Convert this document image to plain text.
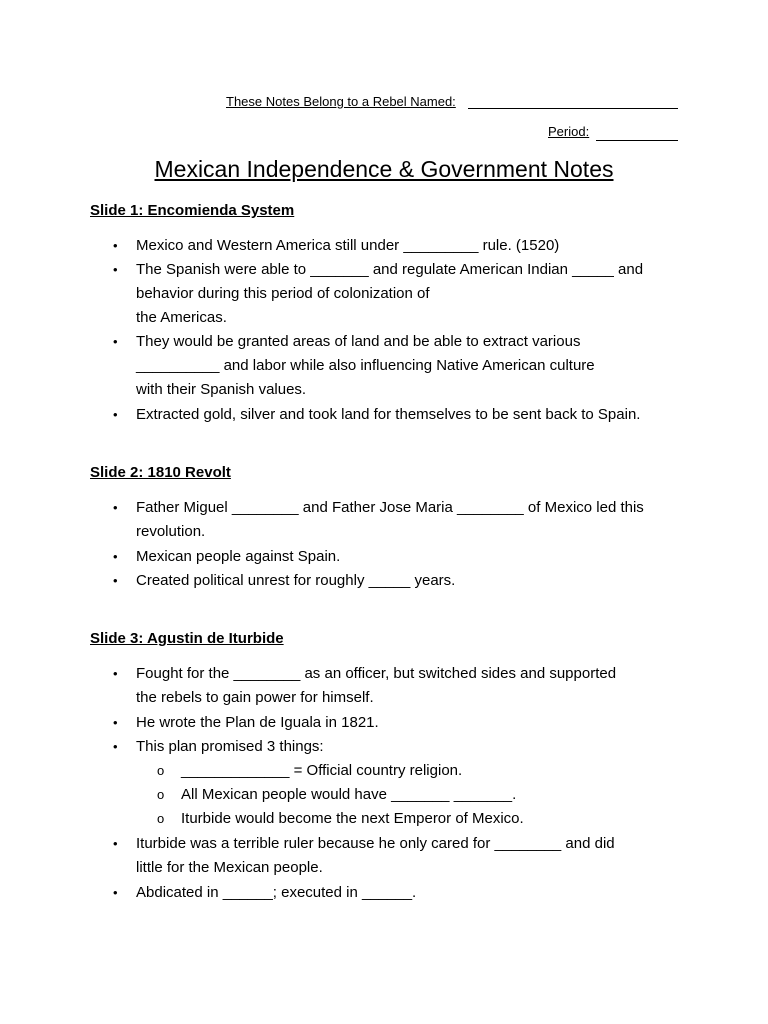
These Notes Belong to a Rebel Named:
Period:
Mexican Independence & Government Notes
Slide 1: Encomienda System
• Mexico and Western America still under _________ rule. (1520)
• The Spanish were able to _______ and regulate American Indian _____ and
behavior during this period of colonization of
the Americas.
• They would be granted areas of land and be able to extract various
__________ and labor while also influencing Native American culture
with their Spanish values.
• Extracted gold, silver and took land for themselves to be sent back to Spain.
Slide 2: 1810 Revolt
• Father Miguel ________ and Father Jose Maria ________ of Mexico led this
revolution.
• Mexican people against Spain.
• Created political unrest for roughly _____ years.
Slide 3: Agustin de Iturbide
• Fought for the ________ as an officer, but switched sides and supported
the rebels to gain power for himself.
• He wrote the Plan de Iguala in 1821.
• This plan promised 3 things:
o _____________ = Official country religion.
o All Mexican people would have _______ _______.
o Iturbide would become the next Emperor of Mexico.
• Iturbide was a terrible ruler because he only cared for ________ and did
little for the Mexican people.
• Abdicated in ______; executed in ______.
